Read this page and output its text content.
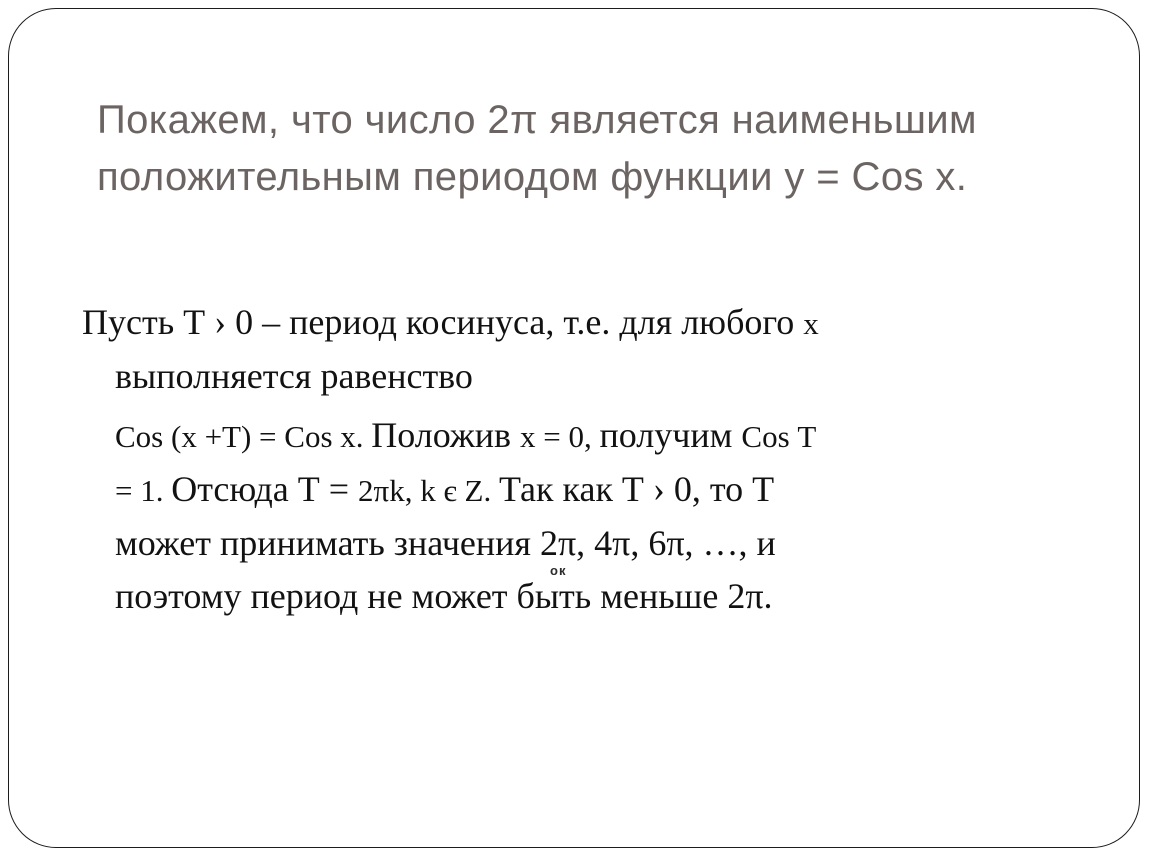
Покажем, что число 2π является наименьшим
положительным периодом функции y = Cos x.
Пусть Т › 0 – период косинуса, т.е. для любого x
выполняется равенство
Cos (x +Т) = Cos x. Положив x = 0, получим Cos Т
= 1. Отсюда Т = 2πk, k є Z. Так как Т › 0, то Т
может принимать значения 2π, 4π, 6π, …, и
поэтому период не может быть меньше 2π.
ок
